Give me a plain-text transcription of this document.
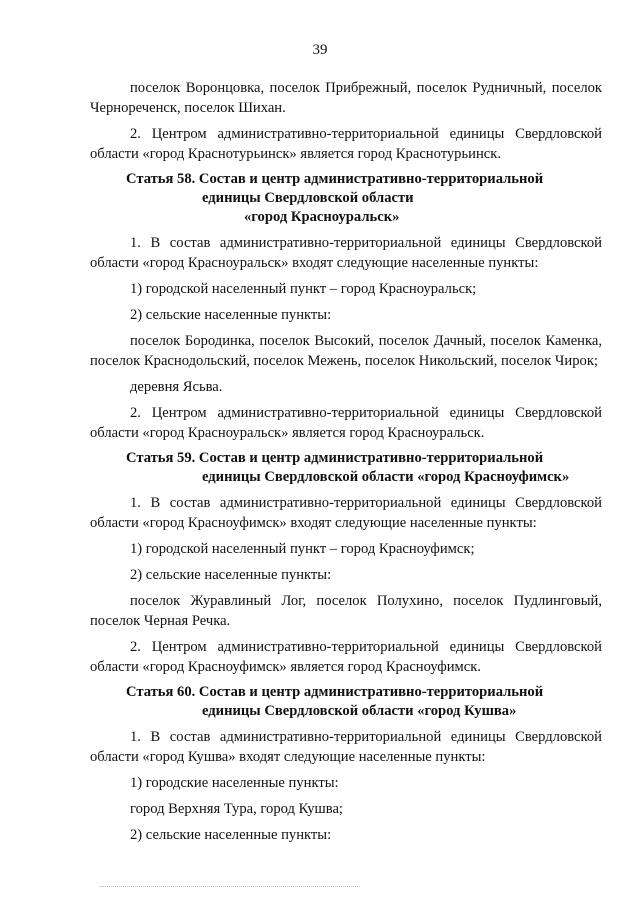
39

поселок Воронцовка, поселок Прибрежный, поселок Рудничный, поселок Черноречeнск, поселок Шихан.

2. Центром административно-территориальной единицы Свердловской области «город Краснотурьинск» является город Краснотурьинск.

Статья 58. Состав и центр административно-территориальной
единицы Свердловской области
«город Красноуральск»

1. В состав административно-территориальной единицы Свердловской области «город Красноуральск» входят следующие населенные пункты:

1) городской населенный пункт – город Красноуральск;

2) сельские населенные пункты:

поселок Бородинка, поселок Высокий, поселок Дачный, поселок Каменка, поселок Краснодольский, поселок Межень, поселок Никольский, поселок Чирок;

деревня Ясьва.

2. Центром административно-территориальной единицы Свердловской области «город Красноуральск» является город Красноуральск.

Статья 59. Состав и центр административно-территориальной
единицы Свердловской области «город Красноуфимск»

1. В состав административно-территориальной единицы Свердловской области «город Красноуфимск» входят следующие населенные пункты:

1) городской населенный пункт – город Красноуфимск;

2) сельские населенные пункты:

поселок Журавлиный Лог, поселок Полухино, поселок Пудлинговый, поселок Черная Речка.

2. Центром административно-территориальной единицы Свердловской области «город Красноуфимск» является город Красноуфимск.

Статья 60. Состав и центр административно-территориальной
единицы Свердловской области «город Кушва»

1. В состав административно-территориальной единицы Свердловской области «город Кушва» входят следующие населенные пункты:

1) городские населенные пункты:

город Верхняя Тура, город Кушва;

2) сельские населенные пункты:
